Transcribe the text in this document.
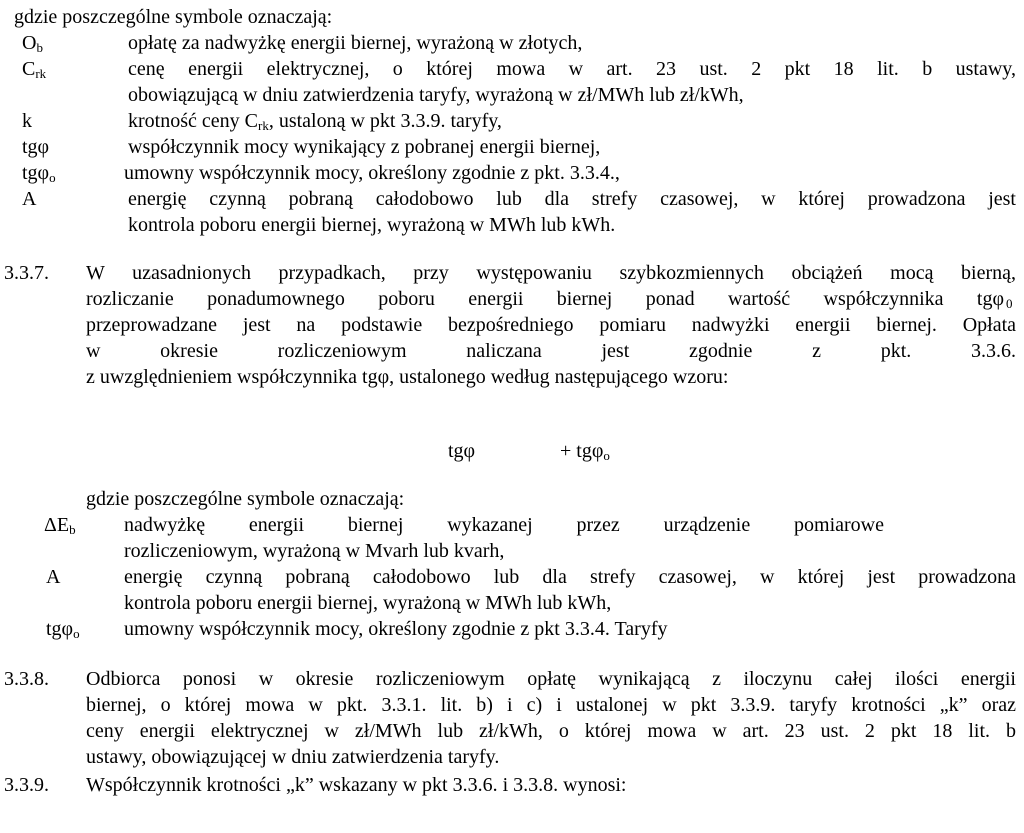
gdzie poszczególne symbole oznaczają:
$O_b$	opłatę za nadwyżkę energii biernej, wyrażoną w złotych,
$C_{rk}$	cenę energii elektrycznej, o której mowa w art. 23 ust. 2 pkt 18 lit. b ustawy,
obowiązującą w dniu zatwierdzenia taryfy, wyrażoną w zł/MWh lub zł/kWh,
k	krotność ceny $C_{rk}$, ustaloną w pkt 3.3.9. taryfy,
tgφ	współczynnik mocy wynikający z pobranej energii biernej,
tgφ$_o$	umowny współczynnik mocy, określony zgodnie z pkt. 3.3.4.,
A	energię czynną pobraną całodobowo lub dla strefy czasowej, w której prowadzona jest
kontrola poboru energii biernej, wyrażoną w MWh lub kWh.
3.3.7. W uzasadnionych przypadkach, przy występowaniu szybkozmiennych obciążeń mocą bierną,
rozliczanie ponadumownego poboru energii biernej ponad wartość współczynnika tgφ $_0$
przeprowadzane jest na podstawie bezpośredniego pomiaru nadwyżki energii biernej. Opłata
w okresie rozliczeniowym naliczana jest zgodnie z pkt. 3.3.6.
z uwzględnieniem współczynnika tgφ, ustalonego według następującego wzoru:
tgφ	+ tgφ$_o$
gdzie poszczególne symbole oznaczają:
$\Delta E_b$ nadwyżkę energii biernej wykazanej przez urządzenie pomiarowe
rozliczeniowym, wyrażoną w Mvarh lub kvarh,
A	energię czynną pobraną całodobowo lub dla strefy czasowej, w której jest prowadzona
kontrola poboru energii biernej, wyrażoną w MWh lub kWh,
tgφ$_o$ umowny współczynnik mocy, określony zgodnie z pkt 3.3.4. Taryfy
3.3.8. Odbiorca ponosi w okresie rozliczeniowym opłatę wynikającą z iloczynu całej ilości energii
biernej, o której mowa w pkt. 3.3.1. lit. b) i c) i ustalonej w pkt 3.3.9. taryfy krotności „k” oraz
ceny energii elektrycznej w zł/MWh lub zł/kWh, o której mowa w art. 23 ust. 2 pkt 18 lit. b
ustawy, obowiązującej w dniu zatwierdzenia taryfy.
3.3.9. Współczynnik krotności „k” wskazany w pkt 3.3.6. i 3.3.8. wynosi:
